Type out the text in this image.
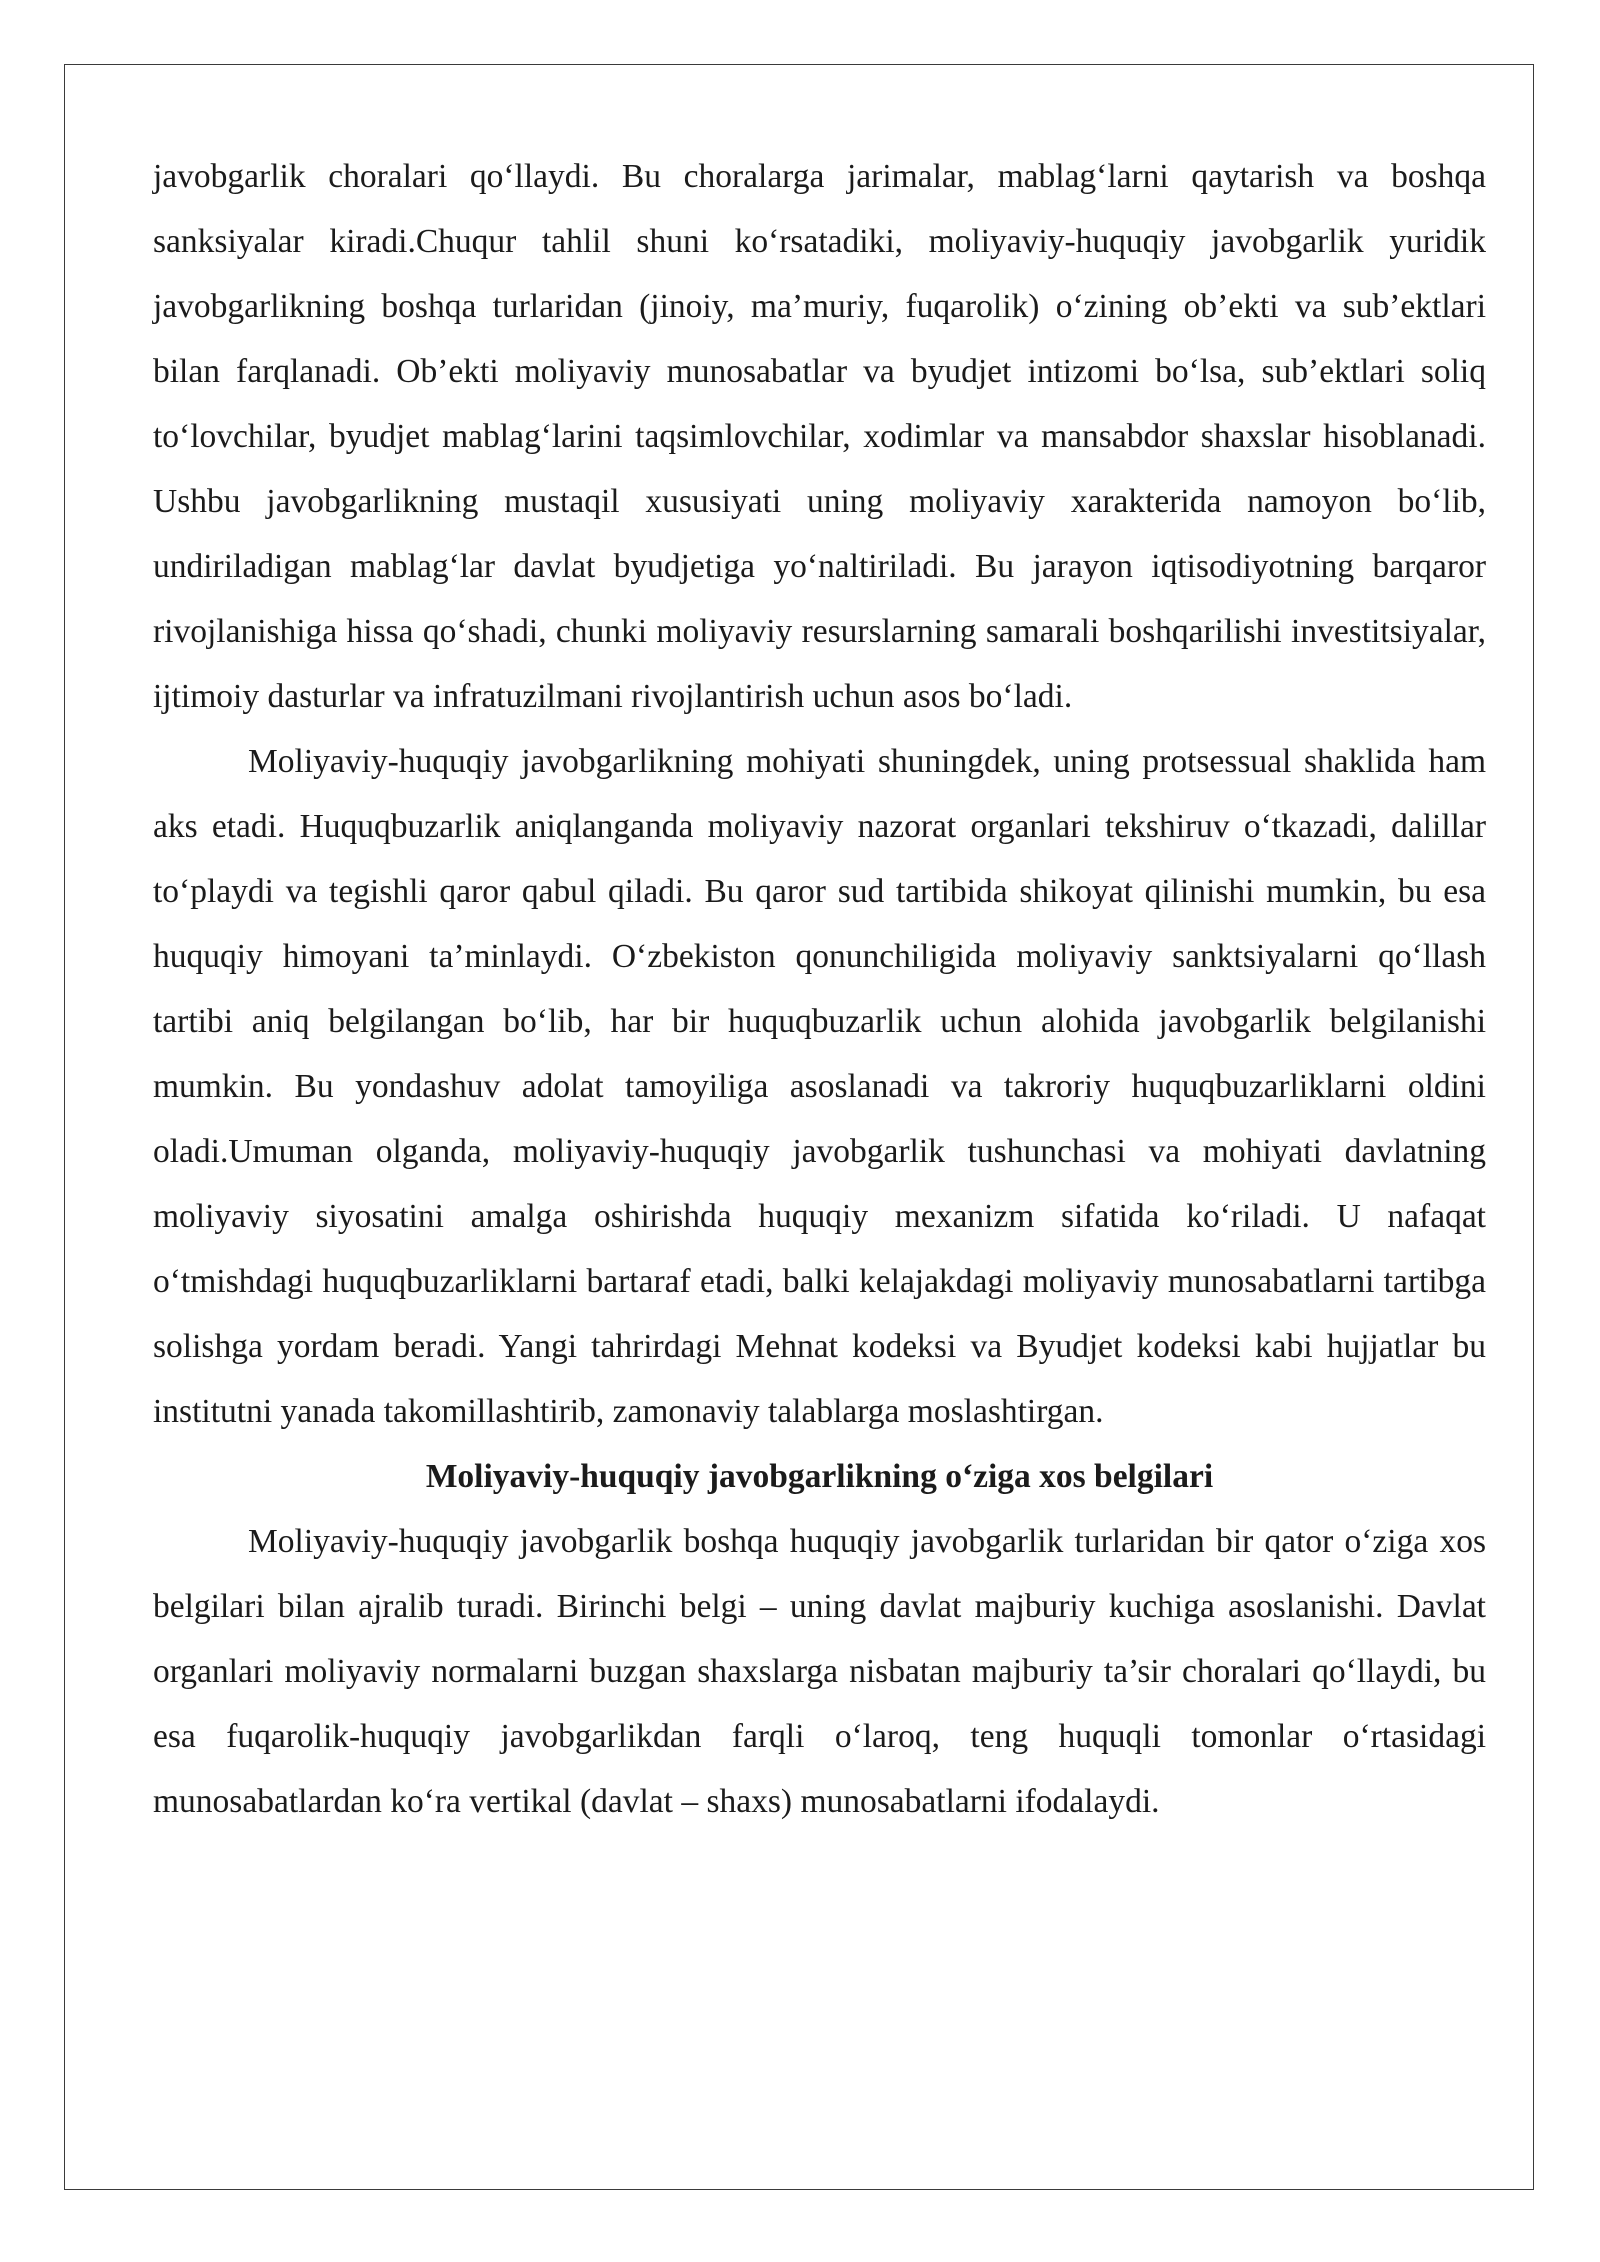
javobgarlik choralari qo‘llaydi. Bu choralarga jarimalar, mablag‘larni qaytarish va boshqa sanksiyalar kiradi.Chuqur tahlil shuni ko‘rsatadiki, moliyaviy-huquqiy javobgarlik yuridik javobgarlikning boshqa turlaridan (jinoiy, ma’muriy, fuqarolik) o‘zining ob’ekti va sub’ektlari bilan farqlanadi. Ob’ekti moliyaviy munosabatlar va byudjet intizomi bo‘lsa, sub’ektlari soliq to‘lovchilar, byudjet mablag‘larini taqsimlovchilar, xodimlar va mansabdor shaxslar hisoblanadi. Ushbu javobgarlikning mustaqil xususiyati uning moliyaviy xarakterida namoyon bo‘lib, undiriladigan mablag‘lar davlat byudjetiga yo‘naltiriladi. Bu jarayon iqtisodiyotning barqaror rivojlanishiga hissa qo‘shadi, chunki moliyaviy resurslarning samarali boshqarilishi investitsiyalar, ijtimoiy dasturlar va infratuzilmani rivojlantirish uchun asos bo‘ladi.

Moliyaviy-huquqiy javobgarlikning mohiyati shuningdek, uning protsessual shaklida ham aks etadi. Huquqbuzarlik aniqlanganda moliyaviy nazorat organlari tekshiruv o‘tkazadi, dalillar to‘playdi va tegishli qaror qabul qiladi. Bu qaror sud tartibida shikoyat qilinishi mumkin, bu esa huquqiy himoyani ta’minlaydi. O‘zbekiston qonunchiligida moliyaviy sanktsiyalarni qo‘llash tartibi aniq belgilangan bo‘lib, har bir huquqbuzarlik uchun alohida javobgarlik belgilanishi mumkin. Bu yondashuv adolat tamoyiliga asoslanadi va takroriy huquqbuzarliklarni oldini oladi.Umuman olganda, moliyaviy-huquqiy javobgarlik tushunchasi va mohiyati davlatning moliyaviy siyosatini amalga oshirishda huquqiy mexanizm sifatida ko‘riladi. U nafaqat o‘tmishdagi huquqbuzarliklarni bartaraf etadi, balki kelajakdagi moliyaviy munosabatlarni tartibga solishga yordam beradi. Yangi tahrirdagi Mehnat kodeksi va Byudjet kodeksi kabi hujjatlar bu institutni yanada takomillashtirib, zamonaviy talablarga moslashtirgan.

Moliyaviy-huquqiy javobgarlikning o‘ziga xos belgilari

Moliyaviy-huquqiy javobgarlik boshqa huquqiy javobgarlik turlaridan bir qator o‘ziga xos belgilari bilan ajralib turadi. Birinchi belgi – uning davlat majburiy kuchiga asoslanishi. Davlat organlari moliyaviy normalarni buzgan shaxslarga nisbatan majburiy ta’sir choralari qo‘llaydi, bu esa fuqarolik-huquqiy javobgarlikdan farqli o‘laroq, teng huquqli tomonlar o‘rtasidagi munosabatlardan ko‘ra vertikal (davlat – shaxs) munosabatlarni ifodalaydi.
